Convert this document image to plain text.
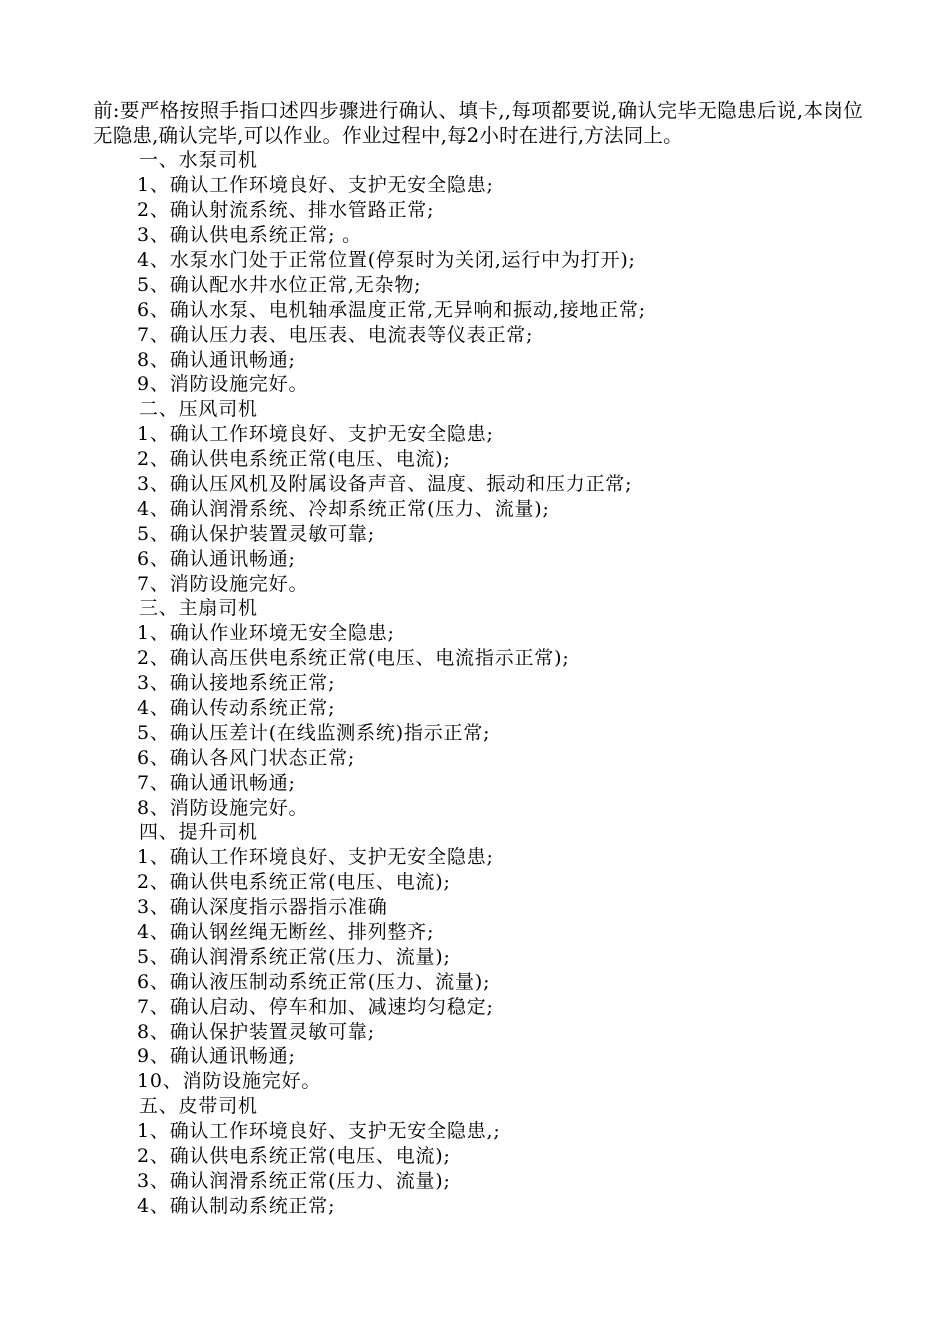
前:要严格按照手指口述四步骤进行确认、填卡,,每项都要说,确认完毕无隐患后说,本岗位无隐患,确认完毕,可以作业。作业过程中,每2小时在进行,方法同上。

一、水泵司机
1、确认工作环境良好、支护无安全隐患;
2、确认射流系统、排水管路正常;
3、确认供电系统正常; 。
4、水泵水门处于正常位置(停泵时为关闭,运行中为打开);
5、确认配水井水位正常,无杂物;
6、确认水泵、电机轴承温度正常,无异响和振动,接地正常;
7、确认压力表、电压表、电流表等仪表正常;
8、确认通讯畅通;
9、消防设施完好。
二、压风司机
1、确认工作环境良好、支护无安全隐患;
2、确认供电系统正常(电压、电流);
3、确认压风机及附属设备声音、温度、振动和压力正常;
4、确认润滑系统、冷却系统正常(压力、流量);
5、确认保护装置灵敏可靠;
6、确认通讯畅通;
7、消防设施完好。
三、主扇司机
1、确认作业环境无安全隐患;
2、确认高压供电系统正常(电压、电流指示正常);
3、确认接地系统正常;
4、确认传动系统正常;
5、确认压差计(在线监测系统)指示正常;
6、确认各风门状态正常;
7、确认通讯畅通;
8、消防设施完好。
四、提升司机
1、确认工作环境良好、支护无安全隐患;
2、确认供电系统正常(电压、电流);
3、确认深度指示器指示准确
4、确认钢丝绳无断丝、排列整齐;
5、确认润滑系统正常(压力、流量);
6、确认液压制动系统正常(压力、流量);
7、确认启动、停车和加、减速均匀稳定;
8、确认保护装置灵敏可靠;
9、确认通讯畅通;
10、消防设施完好。
五、皮带司机
1、确认工作环境良好、支护无安全隐患,;
2、确认供电系统正常(电压、电流);
3、确认润滑系统正常(压力、流量);
4、确认制动系统正常;
